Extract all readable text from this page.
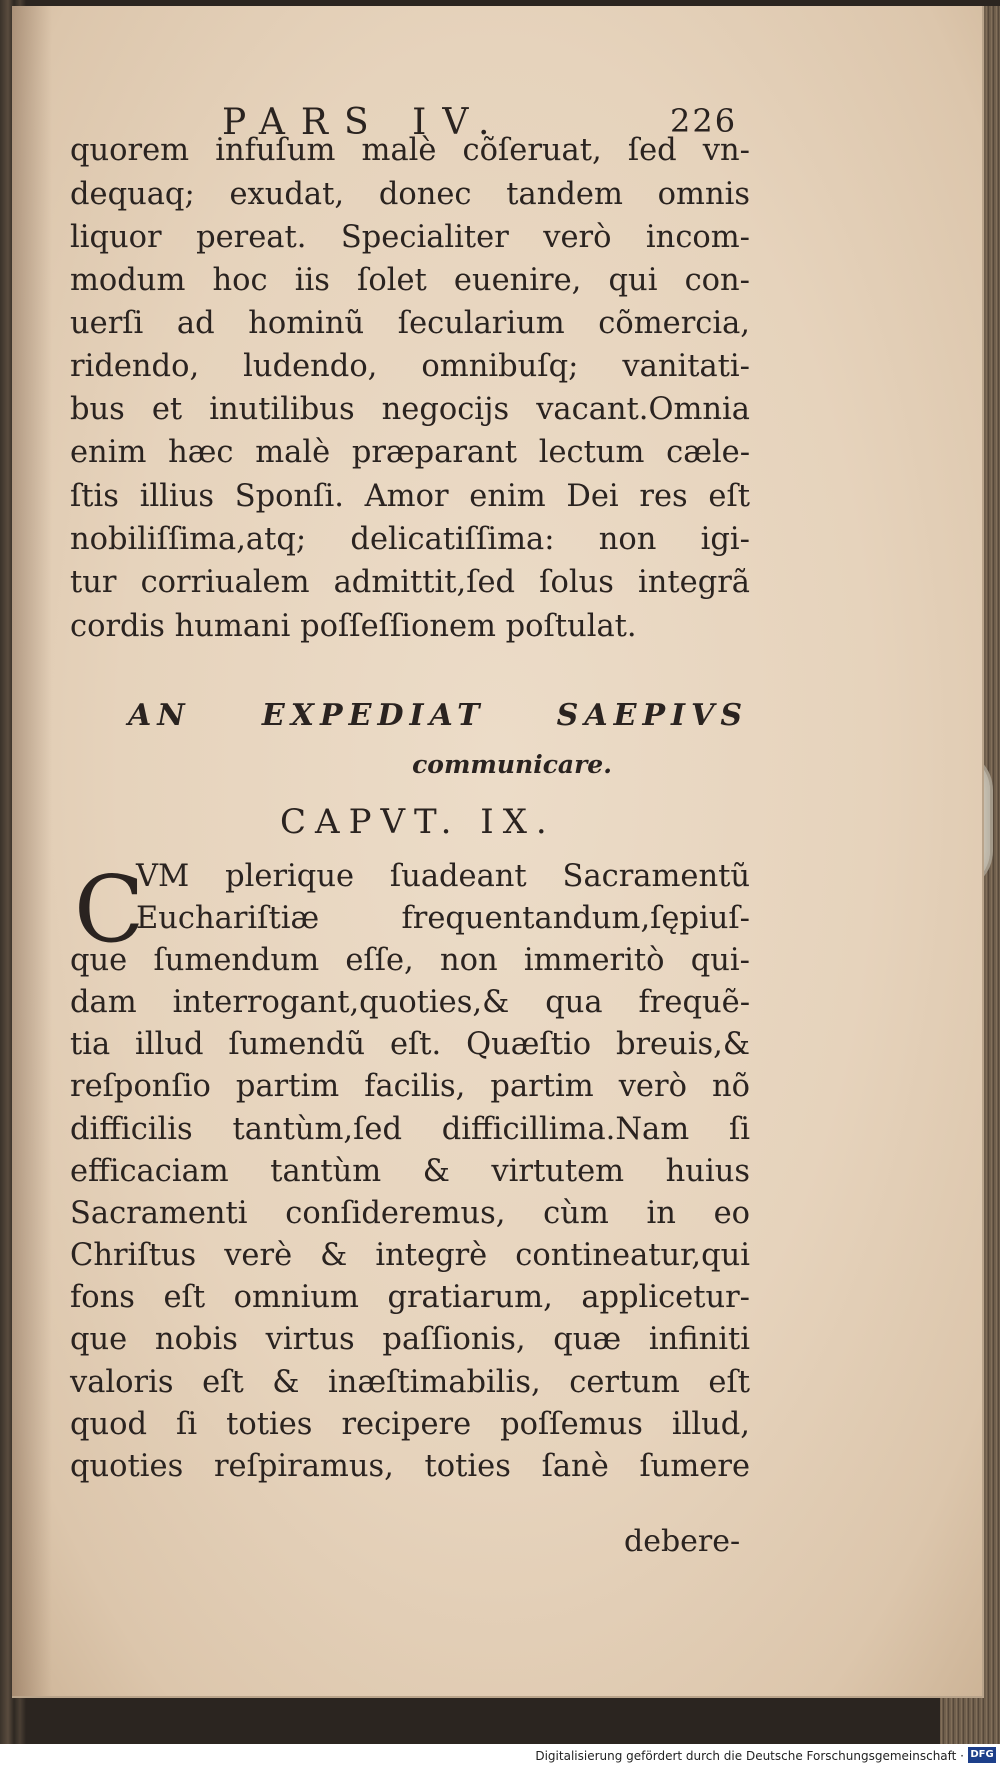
PARS IV.	226
quorem infuſum malè cõſeruat, ſed vn-
dequaq; exudat, donec tandem omnis
liquor pereat. Specialiter verò incom-
modum hoc iis ſolet euenire, qui con-
uerſi ad hominũ ſecularium cõmercia,
ridendo, ludendo, omnibuſq; vanitati-
bus et inutilibus negocijs vacant.Omnia
enim hæc malè præparant lectum cæle-
ſtis illius Sponſi. Amor enim Dei res eſt
nobiliſſima,atq; delicatiſſima: non igi-
tur corriualem admittit,ſed ſolus integrã
cordis humani poſſeſſionem poſtulat.
AN EXPEDIAT SAEPIVS
communicare.
CAPVT. IX.
C
VM plerique ſuadeant Sacramentũ
Euchariſtiæ frequentandum,ſępiuſ-
que ſumendum eſſe, non immeritò qui-
dam interrogant,quoties,& qua frequẽ-
tia illud ſumendũ eſt. Quæſtio breuis,&
reſponſio partim facilis, partim verò nõ
difficilis tantùm,ſed difficillima.Nam ſi
efficaciam tantùm & virtutem huius
Sacramenti conſideremus, cùm in eo
Chriſtus verè & integrè contineatur,qui
fons eſt omnium gratiarum, applicetur-
que nobis virtus paſſionis, quæ infiniti
valoris eſt & inæſtimabilis, certum eſt
quod ſi toties recipere poſſemus illud,
quoties reſpiramus, toties ſanè ſumere
debere-
Digitalisierung gefördert durch die Deutsche Forschungsgemeinschaft · DFG
